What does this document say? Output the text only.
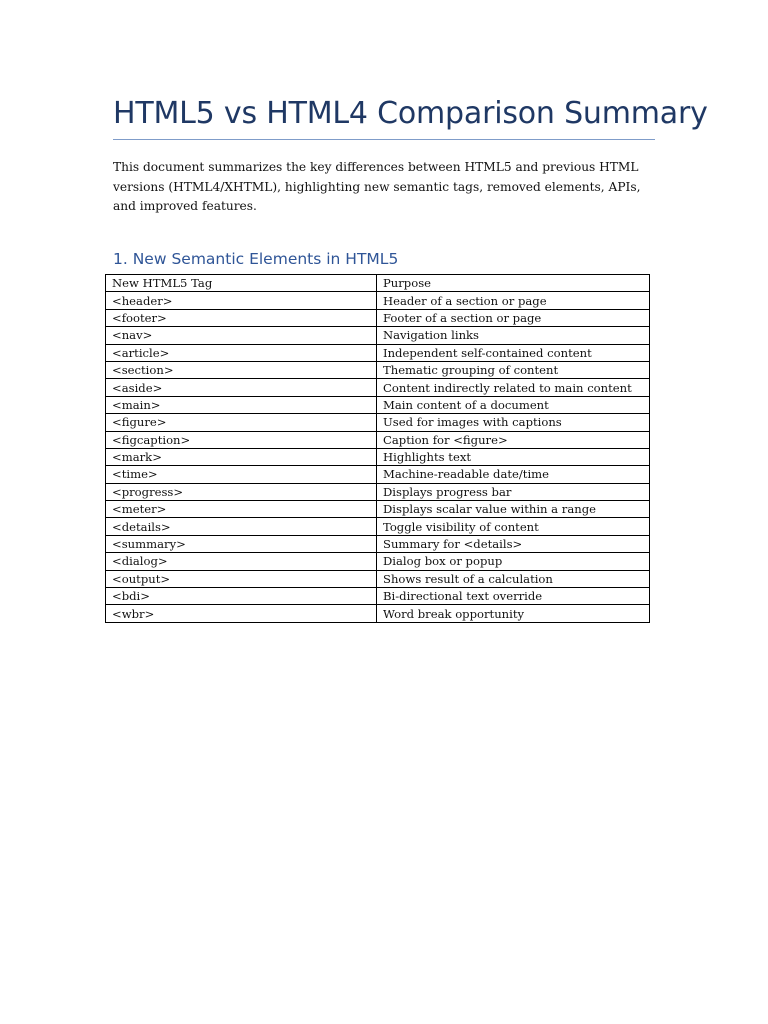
HTML5 vs HTML4 Comparison Summary

This document summarizes the key differences between HTML5 and previous HTML versions (HTML4/XHTML), highlighting new semantic tags, removed elements, APIs, and improved features.

1. New Semantic Elements in HTML5
New HTML5 Tag	Purpose
<header>	Header of a section or page
<footer>	Footer of a section or page
<nav>	Navigation links
<article>	Independent self-contained content
<section>	Thematic grouping of content
<aside>	Content indirectly related to main content
<main>	Main content of a document
<figure>	Used for images with captions
<figcaption>	Caption for <figure>
<mark>	Highlights text
<time>	Machine-readable date/time
<progress>	Displays progress bar
<meter>	Displays scalar value within a range
<details>	Toggle visibility of content
<summary>	Summary for <details>
<dialog>	Dialog box or popup
<output>	Shows result of a calculation
<bdi>	Bi-directional text override
<wbr>	Word break opportunity
